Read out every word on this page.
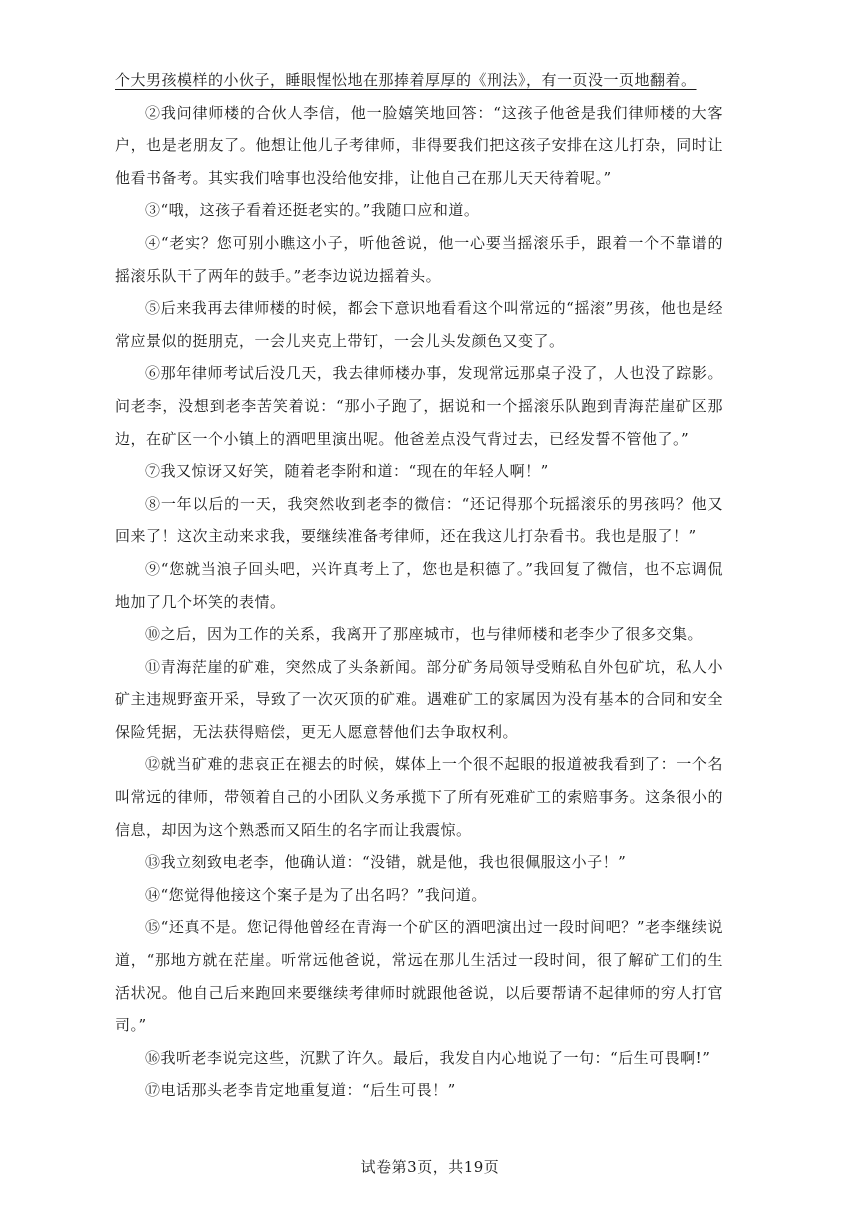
个大男孩模样的小伙子，睡眼惺忪地在那捧着厚厚的《刑法》，有一页没一页地翻着。

②我问律师楼的合伙人李信，他一脸嬉笑地回答：“这孩子他爸是我们律师楼的大客户，也是老朋友了。他想让他儿子考律师，非得要我们把这孩子安排在这儿打杂，同时让他看书备考。其实我们啥事也没给他安排，让他自己在那儿天天待着呢。”

③“哦，这孩子看着还挺老实的。”我随口应和道。

④“老实？您可别小瞧这小子，听他爸说，他一心要当摇滚乐手，跟着一个不靠谱的摇滚乐队干了两年的鼓手。”老李边说边摇着头。

⑤后来我再去律师楼的时候，都会下意识地看看这个叫常远的“摇滚”男孩，他也是经常应景似的挺朋克，一会儿夹克上带钉，一会儿头发颜色又变了。

⑥那年律师考试后没几天，我去律师楼办事，发现常远那桌子没了，人也没了踪影。问老李，没想到老李苦笑着说：“那小子跑了，据说和一个摇滚乐队跑到青海茫崖矿区那边，在矿区一个小镇上的酒吧里演出呢。他爸差点没气背过去，已经发誓不管他了。”

⑦我又惊讶又好笑，随着老李附和道：“现在的年轻人啊！”

⑧一年以后的一天，我突然收到老李的微信：“还记得那个玩摇滚乐的男孩吗？他又回来了！这次主动来求我，要继续准备考律师，还在我这儿打杂看书。我也是服了！”

⑨“您就当浪子回头吧，兴许真考上了，您也是积德了。”我回复了微信，也不忘调侃地加了几个坏笑的表情。

⑩之后，因为工作的关系，我离开了那座城市，也与律师楼和老李少了很多交集。

⑪青海茫崖的矿难，突然成了头条新闻。部分矿务局领导受贿私自外包矿坑，私人小矿主违规野蛮开采，导致了一次灭顶的矿难。遇难矿工的家属因为没有基本的合同和安全保险凭据，无法获得赔偿，更无人愿意替他们去争取权利。

⑫就当矿难的悲哀正在褪去的时候，媒体上一个很不起眼的报道被我看到了：一个名叫常远的律师，带领着自己的小团队义务承揽下了所有死难矿工的索赔事务。这条很小的信息，却因为这个熟悉而又陌生的名字而让我震惊。

⑬我立刻致电老李，他确认道：“没错，就是他，我也很佩服这小子！”

⑭“您觉得他接这个案子是为了出名吗？”我问道。

⑮“还真不是。您记得他曾经在青海一个矿区的酒吧演出过一段时间吧？”老李继续说道，“那地方就在茫崖。听常远他爸说，常远在那儿生活过一段时间，很了解矿工们的生活状况。他自己后来跑回来要继续考律师时就跟他爸说，以后要帮请不起律师的穷人打官司。”

⑯我听老李说完这些，沉默了许久。最后，我发自内心地说了一句：“后生可畏啊!”

⑰电话那头老李肯定地重复道：“后生可畏！”

试卷第3页，共19页
